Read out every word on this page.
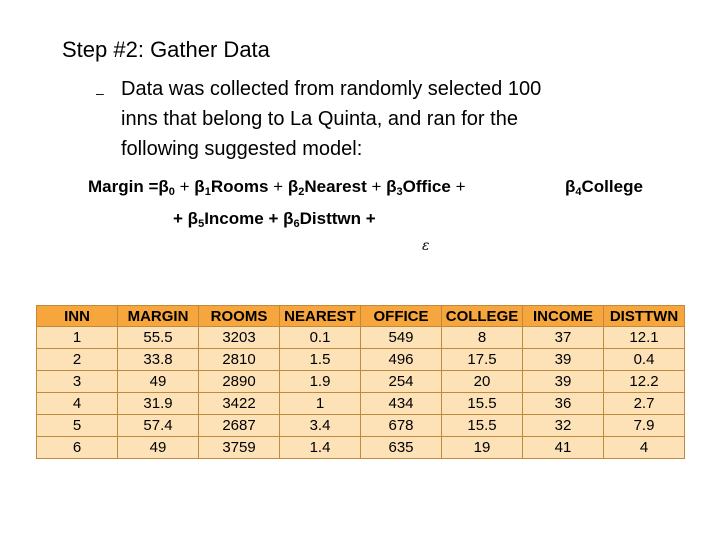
Step #2: Gather Data
– Data was collected from randomly selected 100
inns that belong to La Quinta, and ran for the
following suggested model:
Margin $=\beta_0$ + $\beta_1Rooms$ + $\beta_2Nearest$ + $\beta_3Office$ +	$\beta_4College$
+ $\beta_5Income$ + $\beta_6Disttwn$ +
ε
INN	MARGIN	ROOMS	NEAREST	OFFICE	COLLEGE	INCOME	DISTTWN
1	55.5	3203	0.1	549	8	37	12.1
2	33.8	2810	1.5	496	17.5	39	0.4
3	49	2890	1.9	254	20	39	12.2
4	31.9	3422	1	434	15.5	36	2.7
5	57.4	2687	3.4	678	15.5	32	7.9
6	49	3759	1.4	635	19	41	4
